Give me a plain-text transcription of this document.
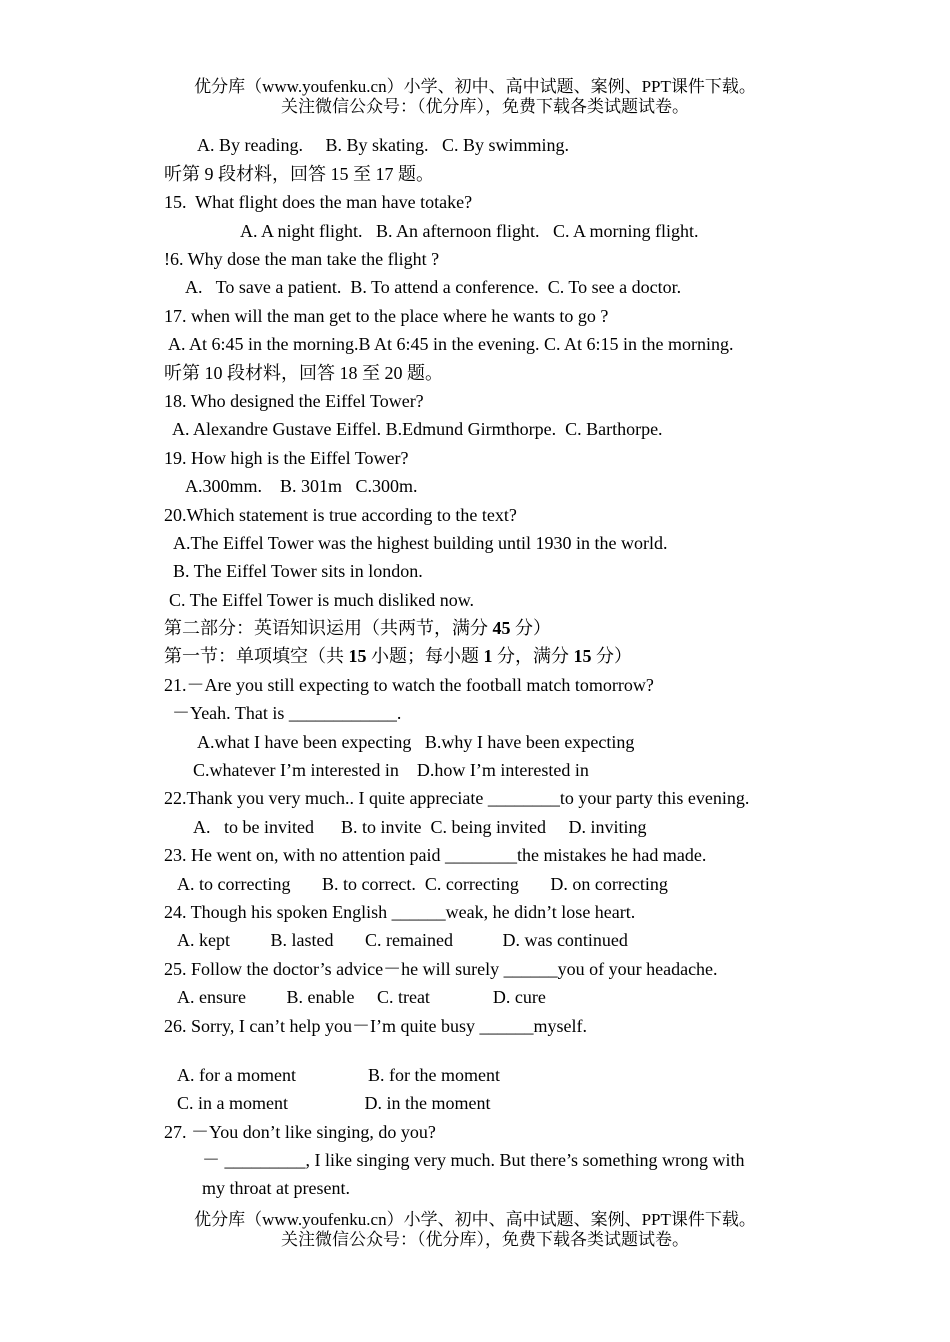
优分库（www.youfenku.cn）小学、初中、高中试题、案例、PPT课件下载。
关注微信公众号：（优分库），免费下载各类试题试卷。
A. By reading.     B. By skating.   C. By swimming.
听第 9 段材料，回答 15 至 17 题。
15.  What flight does the man have totake?
A. A night flight.   B. An afternoon flight.   C. A morning flight.
!6. Why dose the man take the flight ?
A.   To save a patient.  B. To attend a conference.  C. To see a doctor.
17. when will the man get to the place where he wants to go ?
A. At 6:45 in the morning.B At 6:45 in the evening. C. At 6:15 in the morning.
听第 10 段材料，回答 18 至 20 题。
18. Who designed the Eiffel Tower?
A. Alexandre Gustave Eiffel. B.Edmund Girmthorpe.  C. Barthorpe.
19. How high is the Eiffel Tower?
A.300mm.    B. 301m   C.300m.
20.Which statement is true according to the text?
A.The Eiffel Tower was the highest building until 1930 in the world.
B. The Eiffel Tower sits in london.
C. The Eiffel Tower is much disliked now.
第二部分：英语知识运用（共两节，满分 45 分）
第一节：单项填空（共 15 小题；每小题 1 分，满分 15 分）
21.－Are you still expecting to watch the football match tomorrow?
－Yeah. That is ____________.
A.what I have been expecting   B.why I have been expecting
C.whatever I’m interested in    D.how I’m interested in
22.Thank you very much.. I quite appreciate ________to your party this evening.
A.   to be invited      B. to invite  C. being invited     D. inviting
23. He went on, with no attention paid ________the mistakes he had made.
A. to correcting       B. to correct.  C. correcting       D. on correcting
24. Though his spoken English ______weak, he didn’t lose heart.
A. kept         B. lasted       C. remained           D. was continued
25. Follow the doctor’s advice－he will surely ______you of your headache.
A. ensure         B. enable     C. treat              D. cure
26. Sorry, I can’t help you－I’m quite busy ______myself.
A. for a moment                B. for the moment
C. in a moment                 D. in the moment
27. －You don’t like singing, do you?
－ _________, I like singing very much. But there’s something wrong with
my throat at present.
优分库（www.youfenku.cn）小学、初中、高中试题、案例、PPT课件下载。
关注微信公众号：（优分库），免费下载各类试题试卷。
